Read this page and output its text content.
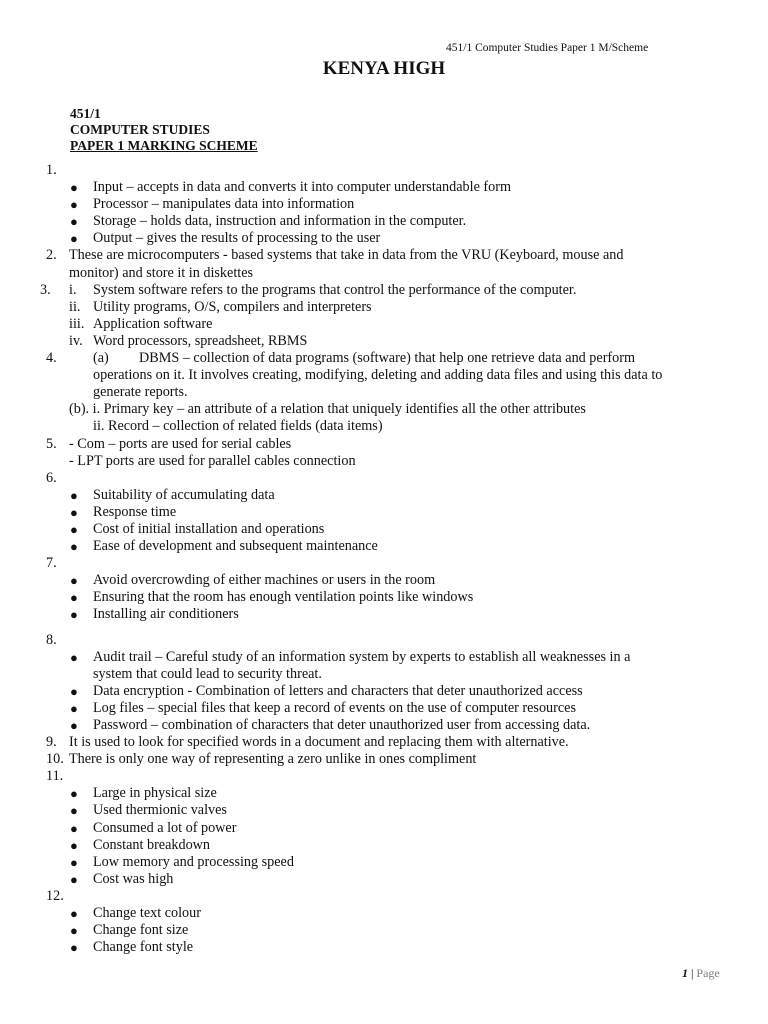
451/1 Computer Studies Paper 1 M/Scheme
KENYA HIGH
451/1
COMPUTER STUDIES
PAPER 1 MARKING SCHEME
1.
● Input – accepts in data and converts it into computer understandable form
● Processor – manipulates data into information
● Storage – holds data, instruction and information in the computer.
● Output – gives the results of processing to the user
2. These are microcomputers - based systems that take in data from the VRU (Keyboard, mouse and
monitor) and store it in diskettes
3. i. System software refers to the programs that control the performance of the computer.
ii. Utility programs, O/S, compilers and interpreters
iii. Application software
iv. Word processors, spreadsheet, RBMS
4.	(a) DBMS – collection of data programs (software) that help one retrieve data and perform
operations on it. It involves creating, modifying, deleting and adding data files and using this data to
generate reports.
(b). i. Primary key – an attribute of a relation that uniquely identifies all the other attributes
ii. Record – collection of related fields (data items)
5. - Com – ports are used for serial cables
- LPT ports are used for parallel cables connection
6.
● Suitability of accumulating data
● Response time
● Cost of initial installation and operations
● Ease of development and subsequent maintenance
7.
● Avoid overcrowding of either machines or users in the room
● Ensuring that the room has enough ventilation points like windows
● Installing air conditioners
8.
● Audit trail – Careful study of an information system by experts to establish all weaknesses in a
system that could lead to security threat.
● Data encryption - Combination of letters and characters that deter unauthorized access
● Log files – special files that keep a record of events on the use of computer resources
● Password – combination of characters that deter unauthorized user from accessing data.
9. It is used to look for specified words in a document and replacing them with alternative.
10. There is only one way of representing a zero unlike in ones compliment
11.
● Large in physical size
● Used thermionic valves
● Consumed a lot of power
● Constant breakdown
● Low memory and processing speed
● Cost was high
12.
● Change text colour
● Change font size
● Change font style
1 | Page
